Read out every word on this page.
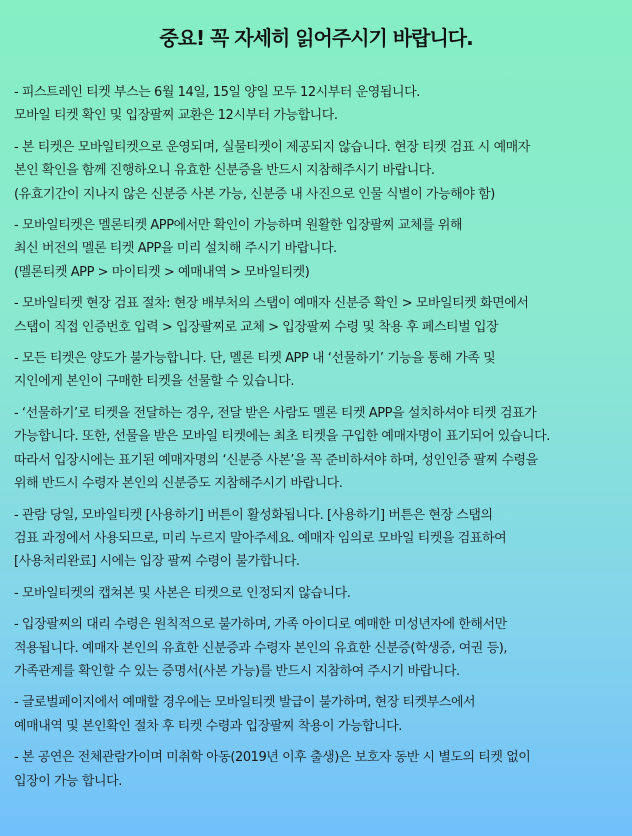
중요! 꼭 자세히 읽어주시기 바랍니다.
- 피스트레인 티켓 부스는 6월 14일, 15일 양일 모두 12시부터 운영됩니다.
모바일 티켓 확인 및 입장팔찌 교환은 12시부터 가능합니다.
- 본 티켓은 모바일티켓으로 운영되며, 실물티켓이 제공되지 않습니다. 현장 티켓 검표 시 예매자
본인 확인을 함께 진행하오니 유효한 신분증을 반드시 지참해주시기 바랍니다.
(유효기간이 지나지 않은 신분증 사본 가능, 신분증 내 사진으로 인물 식별이 가능해야 함)
- 모바일티켓은 멜론티켓 APP에서만 확인이 가능하며 원활한 입장팔찌 교체를 위해
최신 버전의 멜론 티켓 APP을 미리 설치해 주시기 바랍니다.
(멜론티켓 APP > 마이티켓 > 예매내역 > 모바일티켓)
- 모바일티켓 현장 검표 절차: 현장 배부처의 스탭이 예매자 신분증 확인 > 모바일티켓 화면에서
스탭이 직접 인증번호 입력 > 입장팔찌로 교체 > 입장팔찌 수령 및 착용 후 페스티벌 입장
- 모든 티켓은 양도가 불가능합니다. 단, 멜론 티켓 APP 내 ‘선물하기’ 기능을 통해 가족 및
지인에게 본인이 구매한 티켓을 선물할 수 있습니다.
- ‘선물하기’로 티켓을 전달하는 경우, 전달 받은 사람도 멜론 티켓 APP을 설치하셔야 티켓 검표가
가능합니다. 또한, 선물을 받은 모바일 티켓에는 최초 티켓을 구입한 예매자명이 표기되어 있습니다.
따라서 입장시에는 표기된 예매자명의 ‘신분증 사본’을 꼭 준비하셔야 하며, 성인인증 팔찌 수령을
위해 반드시 수령자 본인의 신분증도 지참해주시기 바랍니다.
- 관람 당일, 모바일티켓 [사용하기] 버튼이 활성화됩니다. [사용하기] 버튼은 현장 스탭의
검표 과정에서 사용되므로, 미리 누르지 말아주세요. 예매자 임의로 모바일 티켓을 검표하여
[사용처리완료] 시에는 입장 팔찌 수령이 불가합니다.
- 모바일티켓의 캡쳐본 및 사본은 티켓으로 인정되지 않습니다.
- 입장팔찌의 대리 수령은 원칙적으로 불가하며, 가족 아이디로 예매한 미성년자에 한해서만
적용됩니다. 예매자 본인의 유효한 신분증과 수령자 본인의 유효한 신분증(학생증, 여권 등),
가족관계를 확인할 수 있는 증명서(사본 가능)를 반드시 지참하여 주시기 바랍니다.
- 글로벌페이지에서 예매할 경우에는 모바일티켓 발급이 불가하며, 현장 티켓부스에서
예매내역 및 본인확인 절차 후 티켓 수령과 입장팔찌 착용이 가능합니다.
- 본 공연은 전체관람가이며 미취학 아동(2019년 이후 출생)은 보호자 동반 시 별도의 티켓 없이
입장이 가능 합니다.
